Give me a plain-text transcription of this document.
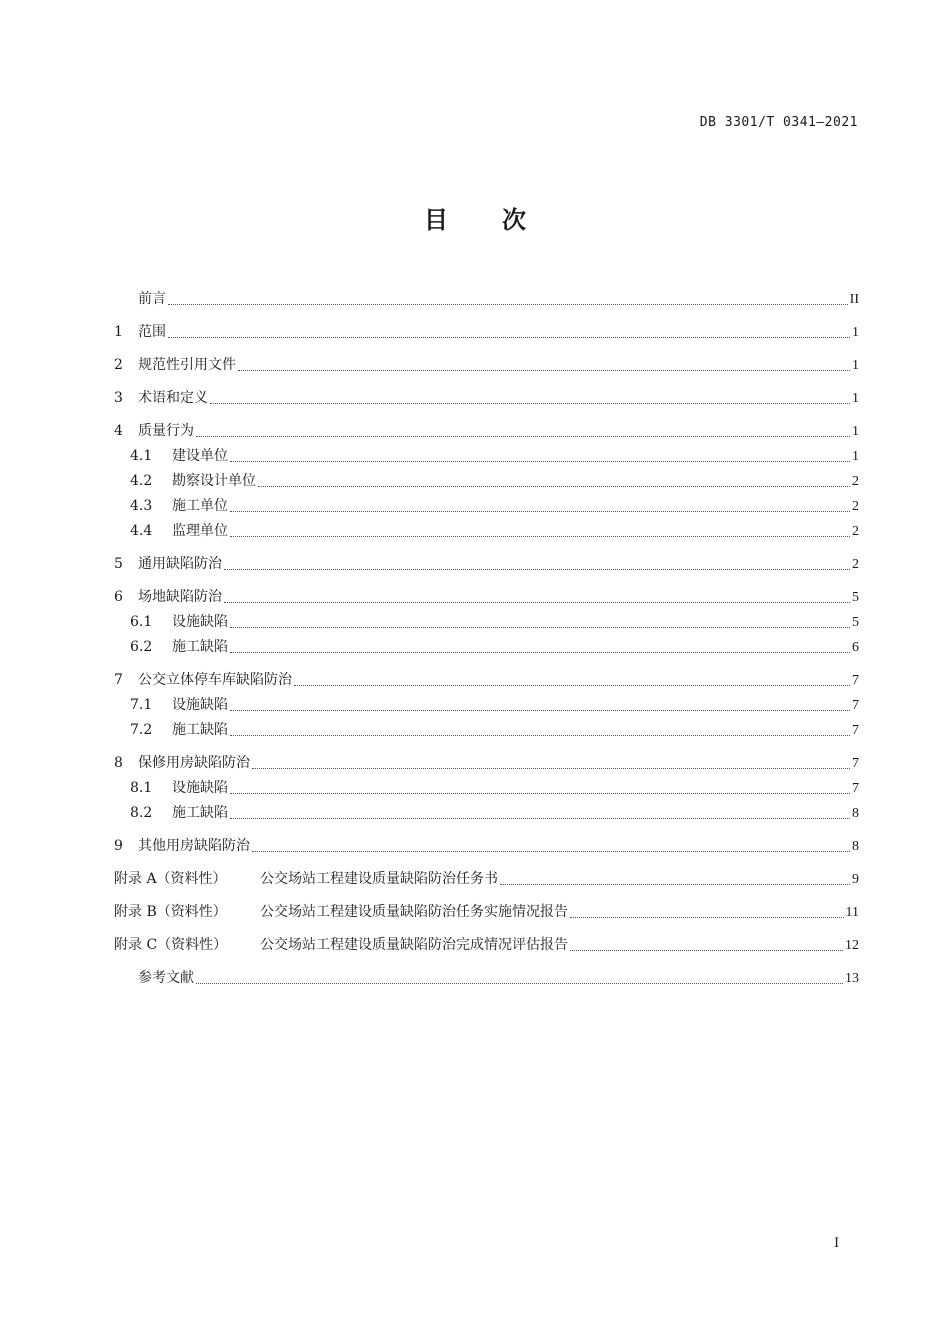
DB 3301/T 0341—2021
目次
前言	II
1	范围	1
2	规范性引用文件	1
3	术语和定义	1
4	质量行为	1
4.1	建设单位	1
4.2	勘察设计单位	2
4.3	施工单位	2
4.4	监理单位	2
5	通用缺陷防治	2
6	场地缺陷防治	5
6.1	设施缺陷	5
6.2	施工缺陷	6
7	公交立体停车库缺陷防治	7
7.1	设施缺陷	7
7.2	施工缺陷	7
8	保修用房缺陷防治	7
8.1	设施缺陷	7
8.2	施工缺陷	8
9	其他用房缺陷防治	8
附录 A（资料性）	公交场站工程建设质量缺陷防治任务书	9
附录 B（资料性）	公交场站工程建设质量缺陷防治任务实施情况报告	11
附录 C（资料性）	公交场站工程建设质量缺陷防治完成情况评估报告	12
参考文献	13
I
